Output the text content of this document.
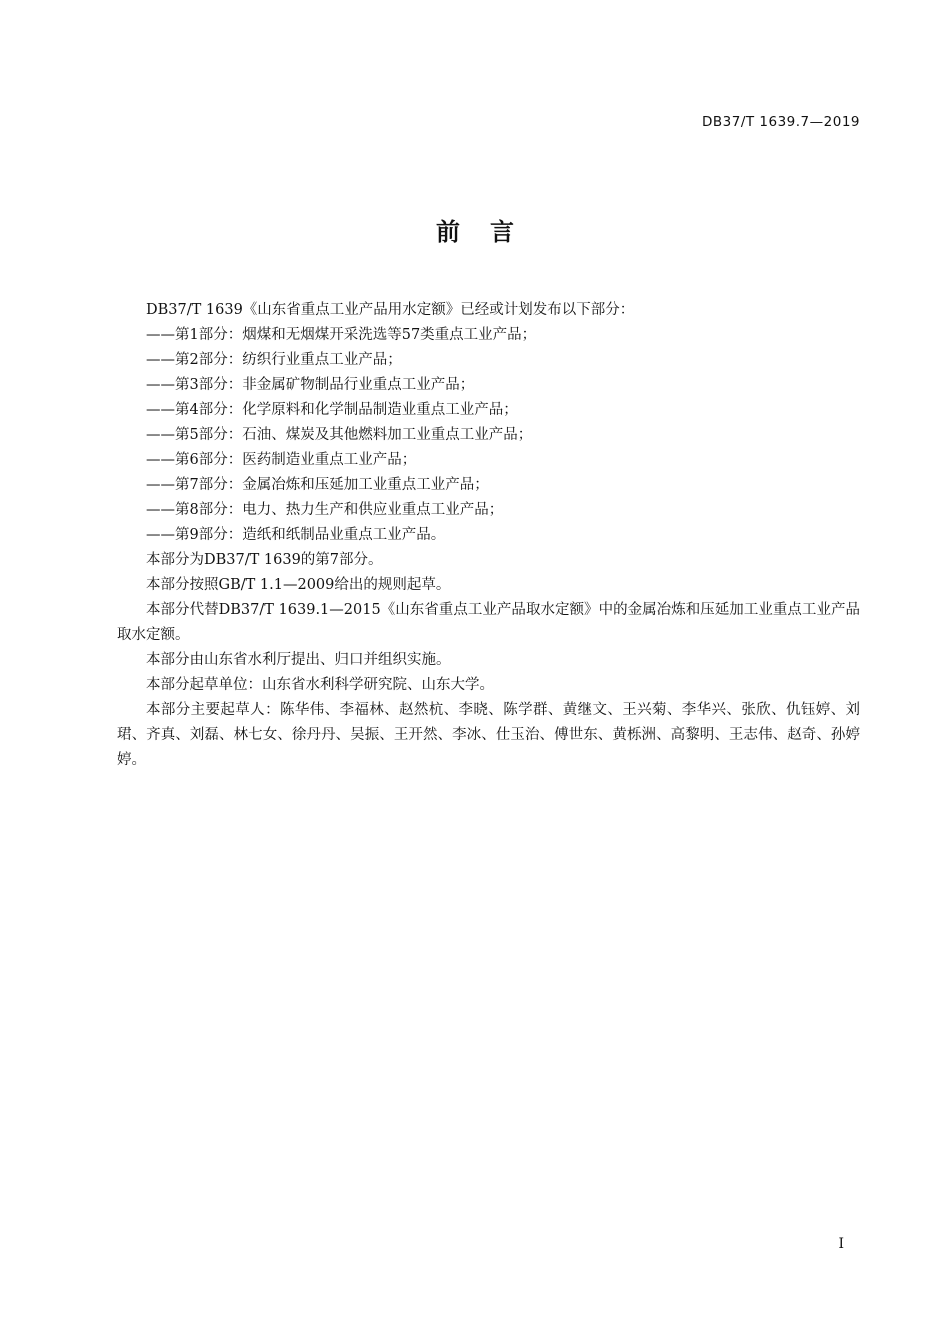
DB37/T 1639.7—2019
前言

DB37/T 1639《山东省重点工业产品用水定额》已经或计划发布以下部分：

——第1部分：烟煤和无烟煤开采洗选等57类重点工业产品；

——第2部分：纺织行业重点工业产品；

——第3部分：非金属矿物制品行业重点工业产品；

——第4部分：化学原料和化学制品制造业重点工业产品；

——第5部分：石油、煤炭及其他燃料加工业重点工业产品；

——第6部分：医药制造业重点工业产品；

——第7部分：金属冶炼和压延加工业重点工业产品；

——第8部分：电力、热力生产和供应业重点工业产品；

——第9部分：造纸和纸制品业重点工业产品。

本部分为DB37/T 1639的第7部分。

本部分按照GB/T 1.1—2009给出的规则起草。

本部分代替DB37/T 1639.1—2015《山东省重点工业产品取水定额》中的金属冶炼和压延加工业重点工业产品取水定额。

本部分由山东省水利厅提出、归口并组织实施。

本部分起草单位：山东省水利科学研究院、山东大学。

本部分主要起草人：陈华伟、李福林、赵然杭、李晓、陈学群、黄继文、王兴菊、李华兴、张欣、仇钰婷、刘珺、齐真、刘磊、林七女、徐丹丹、吴振、王开然、李冰、仕玉治、傅世东、黄栎洲、高黎明、王志伟、赵奇、孙婷婷。

I
